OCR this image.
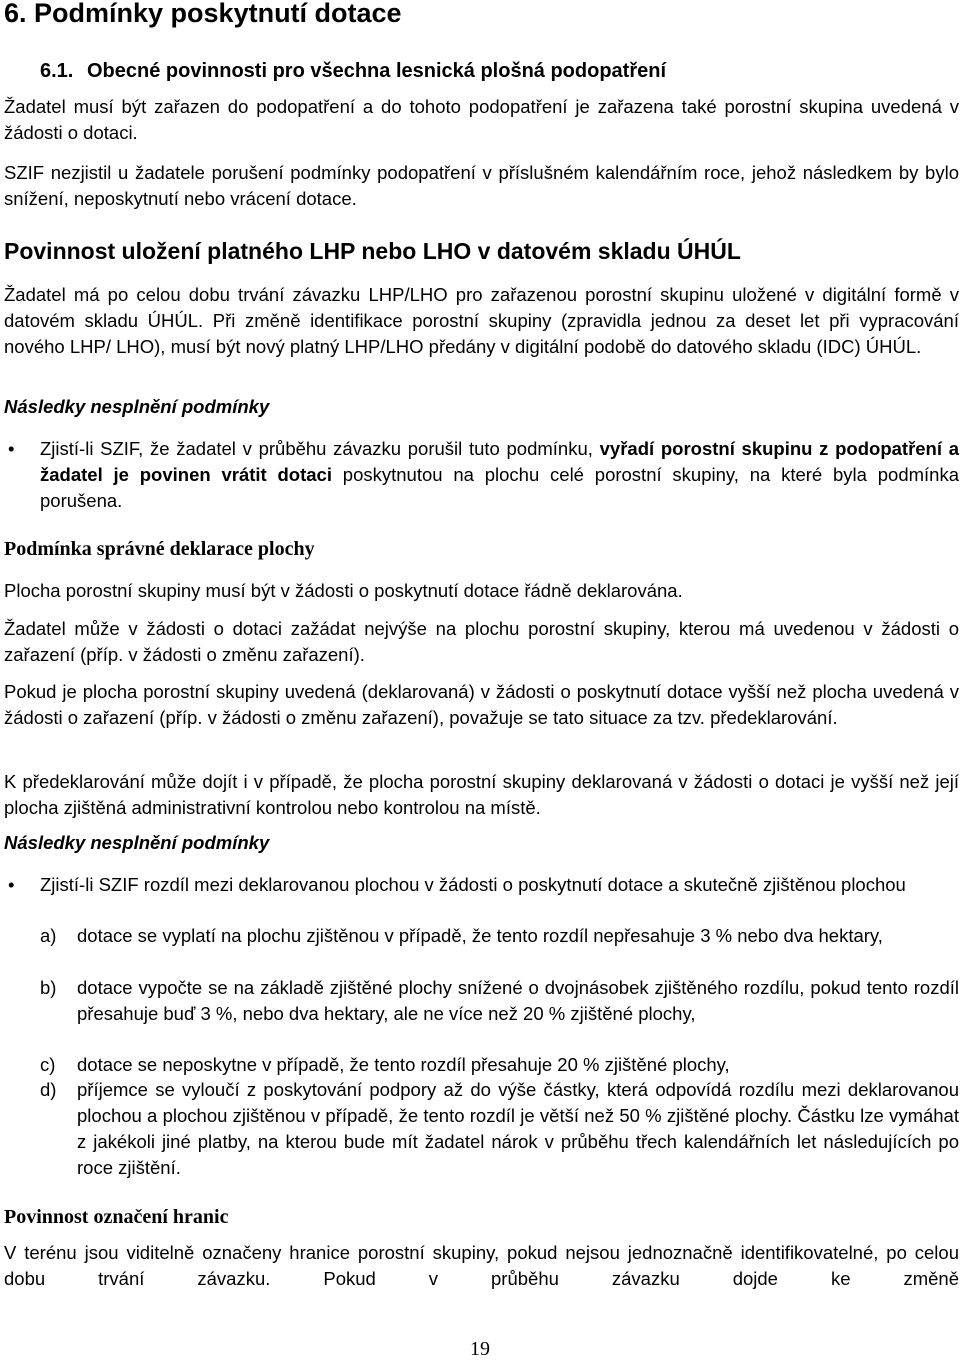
6. Podmínky poskytnutí dotace
6.1. Obecné povinnosti pro všechna lesnická plošná podopatření

Žadatel musí být zařazen do podopatření a do tohoto podopatření je zařazena také porostní skupina uvedená v žádosti o dotaci.

SZIF nezjistil u žadatele porušení podmínky podopatření v příslušném kalendářním roce, jehož následkem by bylo snížení, neposkytnutí nebo vrácení dotace.

Povinnost uložení platného LHP nebo LHO v datovém skladu ÚHÚL

Žadatel má po celou dobu trvání závazku LHP/LHO pro zařazenou porostní skupinu uložené v digitální formě v datovém skladu ÚHÚL. Při změně identifikace porostní skupiny (zpravidla jednou za deset let při vypracování nového LHP/ LHO), musí být nový platný LHP/LHO předány v digitální podobě do datového skladu (IDC) ÚHÚL.

Následky nesplnění podmínky
• Zjistí-li SZIF, že žadatel v průběhu závazku porušil tuto podmínku, vyřadí porostní skupinu z podopatření a žadatel je povinen vrátit dotaci poskytnutou na plochu celé porostní skupiny, na které byla podmínka porušena.

Podmínka správné deklarace plochy

Plocha porostní skupiny musí být v žádosti o poskytnutí dotace řádně deklarována.

Žadatel může v žádosti o dotaci zažádat nejvýše na plochu porostní skupiny, kterou má uvedenou v žádosti o zařazení (příp. v žádosti o změnu zařazení).

Pokud je plocha porostní skupiny uvedená (deklarovaná) v žádosti o poskytnutí dotace vyšší než plocha uvedená v žádosti o zařazení (příp. v žádosti o změnu zařazení), považuje se tato situace za tzv. předeklarování.

K předeklarování může dojít i v případě, že plocha porostní skupiny deklarovaná v žádosti o dotaci je vyšší než její plocha zjištěná administrativní kontrolou nebo kontrolou na místě.

Následky nesplnění podmínky
• Zjistí-li SZIF rozdíl mezi deklarovanou plochou v žádosti o poskytnutí dotace a skutečně zjištěnou plochou

a) dotace se vyplatí na plochu zjištěnou v případě, že tento rozdíl nepřesahuje 3 % nebo dva hektary,

b) dotace vypočte se na základě zjištěné plochy snížené o dvojnásobek zjištěného rozdílu, pokud tento rozdíl přesahuje buď 3 %, nebo dva hektary, ale ne více než 20 % zjištěné plochy,

c) dotace se neposkytne v případě, že tento rozdíl přesahuje 20 % zjištěné plochy,

d) příjemce se vyloučí z poskytování podpory až do výše částky, která odpovídá rozdílu mezi deklarovanou plochou a plochou zjištěnou v případě, že tento rozdíl je větší než 50 % zjištěné plochy. Částku lze vymáhat z jakékoli jiné platby, na kterou bude mít žadatel nárok v průběhu třech kalendářních let následujících po roce zjištění.

Povinnost označení hranic

V terénu jsou viditelně označeny hranice porostní skupiny, pokud nejsou jednoznačně identifikovatelné, po celou dobu trvání závazku. Pokud v průběhu závazku dojde ke změně

19
